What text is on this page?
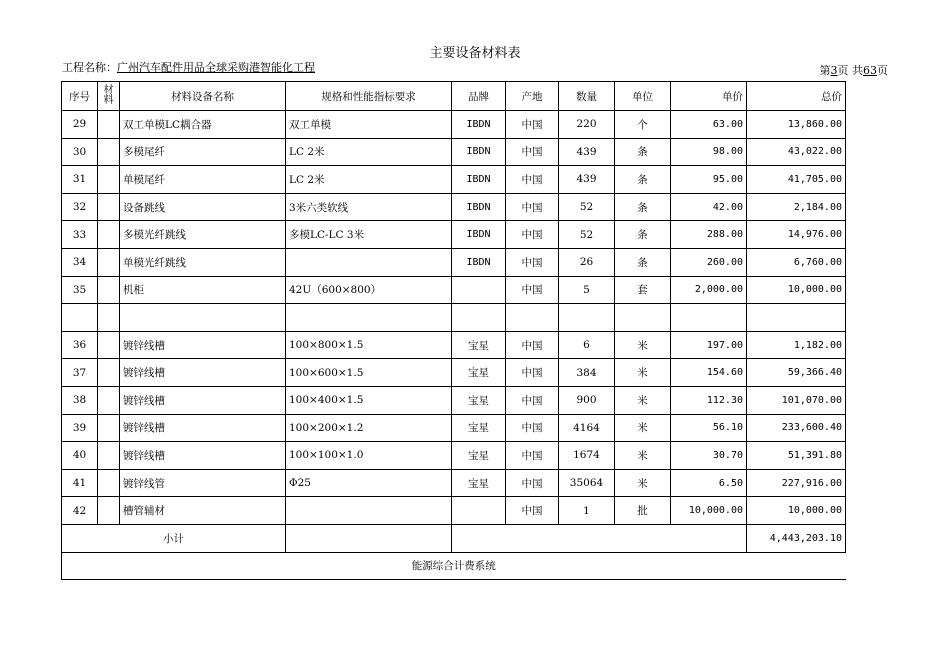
主要设备材料表
工程名称：广州汽车配件用品全球采购港智能化工程	第3页 共63页
序号	材料	材料设备名称	规格和性能指标要求	品牌	产地	数量	单位	单价	总价
29		双工单模LC耦合器	双工单模	IBDN	中国	220	个	63.00	13,860.00
30		多模尾纤	LC 2米	IBDN	中国	439	条	98.00	43,022.00
31		单模尾纤	LC 2米	IBDN	中国	439	条	95.00	41,705.00
32		设备跳线	3米六类软线	IBDN	中国	52	条	42.00	2,184.00
33		多模光纤跳线	多模LC-LC 3米	IBDN	中国	52	条	288.00	14,976.00
34		单模光纤跳线		IBDN	中国	26	条	260.00	6,760.00
35		机柜	42U（600×800）		中国	5	套	2,000.00	10,000.00

36		镀锌线槽	100×800×1.5	宝星	中国	6	米	197.00	1,182.00
37		镀锌线槽	100×600×1.5	宝星	中国	384	米	154.60	59,366.40
38		镀锌线槽	100×400×1.5	宝星	中国	900	米	112.30	101,070.00
39		镀锌线槽	100×200×1.2	宝星	中国	4164	米	56.10	233,600.40
40		镀锌线槽	100×100×1.0	宝星	中国	1674	米	30.70	51,391.80
41		镀锌线管	Φ25	宝星	中国	35064	米	6.50	227,916.00
42		槽管辅材			中国	1	批	10,000.00	10,000.00
小计									4,443,203.10
能源综合计费系统									
